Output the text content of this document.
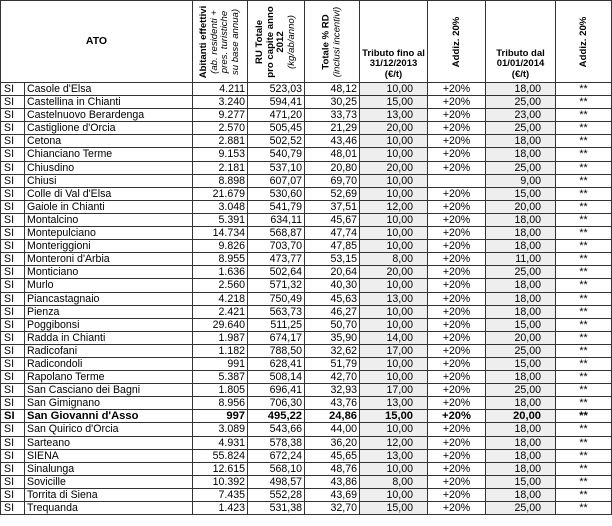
ATO		Abitanti effettivi
(ab. residenti +
pres. turistiche
su base annua)	RU Totale
pro capite anno
2012
(kg/ab/anno)	Totale % RD
(inclusi incentivi)	Tributo fino al
31/12/2013
(€/t)	Addiz. 20%	Tributo dal
01/01/2014
(€/t)	Addiz. 20%

SI	Casole d'Elsa	4.211	523,03	48,12	10,00	+20%	18,00	**
SI	Castellina in Chianti	3.240	594,41	30,25	15,00	+20%	25,00	**
SI	Castelnuovo Berardenga	9.277	471,20	33,73	13,00	+20%	23,00	**
SI	Castiglione d'Orcia	2.570	505,45	21,29	20,00	+20%	25,00	**
SI	Cetona	2.881	502,52	43,46	10,00	+20%	18,00	**
SI	Chianciano Terme	9.153	540,79	48,01	10,00	+20%	18,00	**
SI	Chiusdino	2.181	537,10	20,80	20,00	+20%	25,00	**
SI	Chiusi	8.898	607,07	69,70	10,00		9,00	**
SI	Colle di Val d'Elsa	21.679	530,60	52,69	10,00	+20%	15,00	**
SI	Gaiole in Chianti	3.048	541,79	37,51	12,00	+20%	20,00	**
SI	Montalcino	5.391	634,11	45,67	10,00	+20%	18,00	**
SI	Montepulciano	14.734	568,87	47,74	10,00	+20%	18,00	**
SI	Monteriggioni	9.826	703,70	47,85	10,00	+20%	18,00	**
SI	Monteroni d'Arbia	8.955	473,77	53,15	8,00	+20%	11,00	**
SI	Monticiano	1.636	502,64	20,64	20,00	+20%	25,00	**
SI	Murlo	2.560	571,32	40,30	10,00	+20%	18,00	**
SI	Piancastagnaio	4.218	750,49	45,63	13,00	+20%	18,00	**
SI	Pienza	2.421	563,73	46,27	10,00	+20%	18,00	**
SI	Poggibonsi	29.640	511,25	50,70	10,00	+20%	15,00	**
SI	Radda in Chianti	1.987	674,17	35,90	14,00	+20%	20,00	**
SI	Radicofani	1.182	788,50	32,62	17,00	+20%	25,00	**
SI	Radicondoli	991	628,41	51,79	10,00	+20%	15,00	**
SI	Rapolano Terme	5.387	508,14	42,70	10,00	+20%	18,00	**
SI	San Casciano dei Bagni	1.805	696,41	32,93	17,00	+20%	25,00	**
SI	San Gimignano	8.956	706,30	43,76	13,00	+20%	18,00	**
SI	San Giovanni d'Asso	997	495,22	24,86	15,00	+20%	20,00	**
SI	San Quirico d'Orcia	3.089	543,66	44,00	10,00	+20%	18,00	**
SI	Sarteano	4.931	578,38	36,20	12,00	+20%	18,00	**
SI	SIENA	55.824	672,24	45,65	13,00	+20%	18,00	**
SI	Sinalunga	12.615	568,10	48,76	10,00	+20%	18,00	**
SI	Sovicille	10.392	498,57	43,86	8,00	+20%	15,00	**
SI	Torrita di Siena	7.435	552,28	43,69	10,00	+20%	18,00	**
SI	Trequanda	1.423	531,38	32,70	15,00	+20%	25,00	**
